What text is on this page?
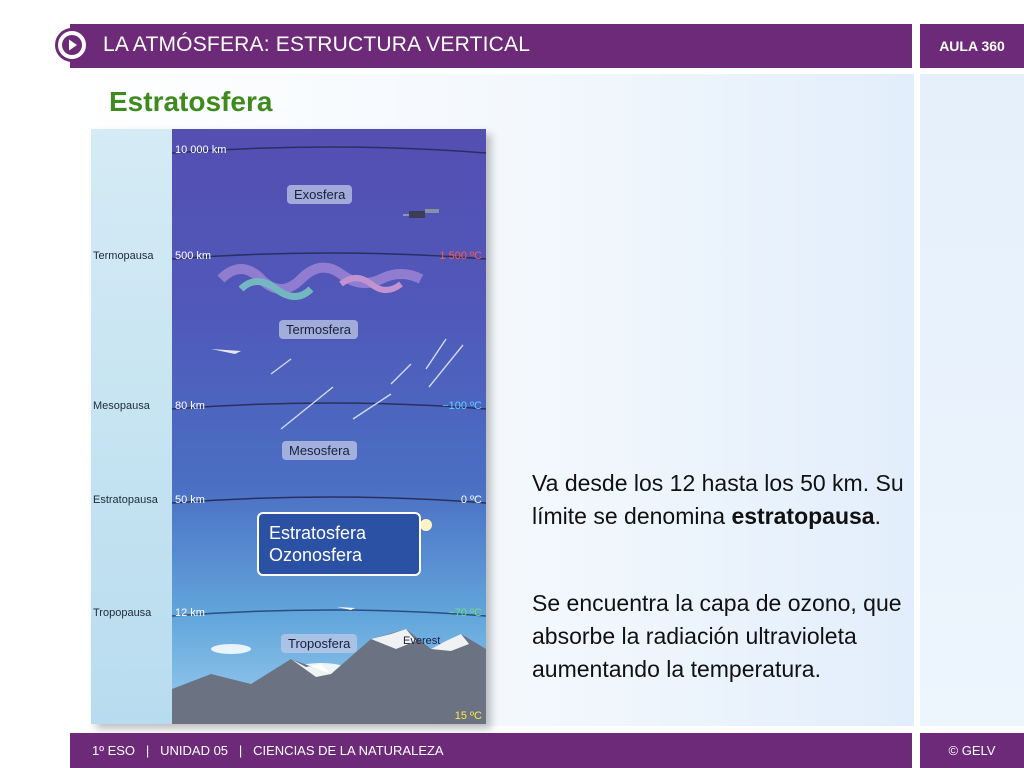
LA ATMÓSFERA: ESTRUCTURA VERTICAL	AULA 360
Estratosfera
Termopausa
Mesopausa
Estratopausa
Tropopausa
10 000 km
500 km
80 km
50 km
12 km
1 500 ºC
−100 ºC
0 ºC
−70 ºC
15 ºC
Exosfera
Termosfera
Mesosfera
Troposfera	Everest
Estratosfera
Ozonosfera
Va desde los 12 hasta los 50 km. Su límite se denomina estratopausa.
Se encuentra la capa de ozono, que absorbe la radiación ultravioleta aumentando la temperatura.
1º ESO | UNIDAD 05 | CIENCIAS DE LA NATURALEZA	© GELV
